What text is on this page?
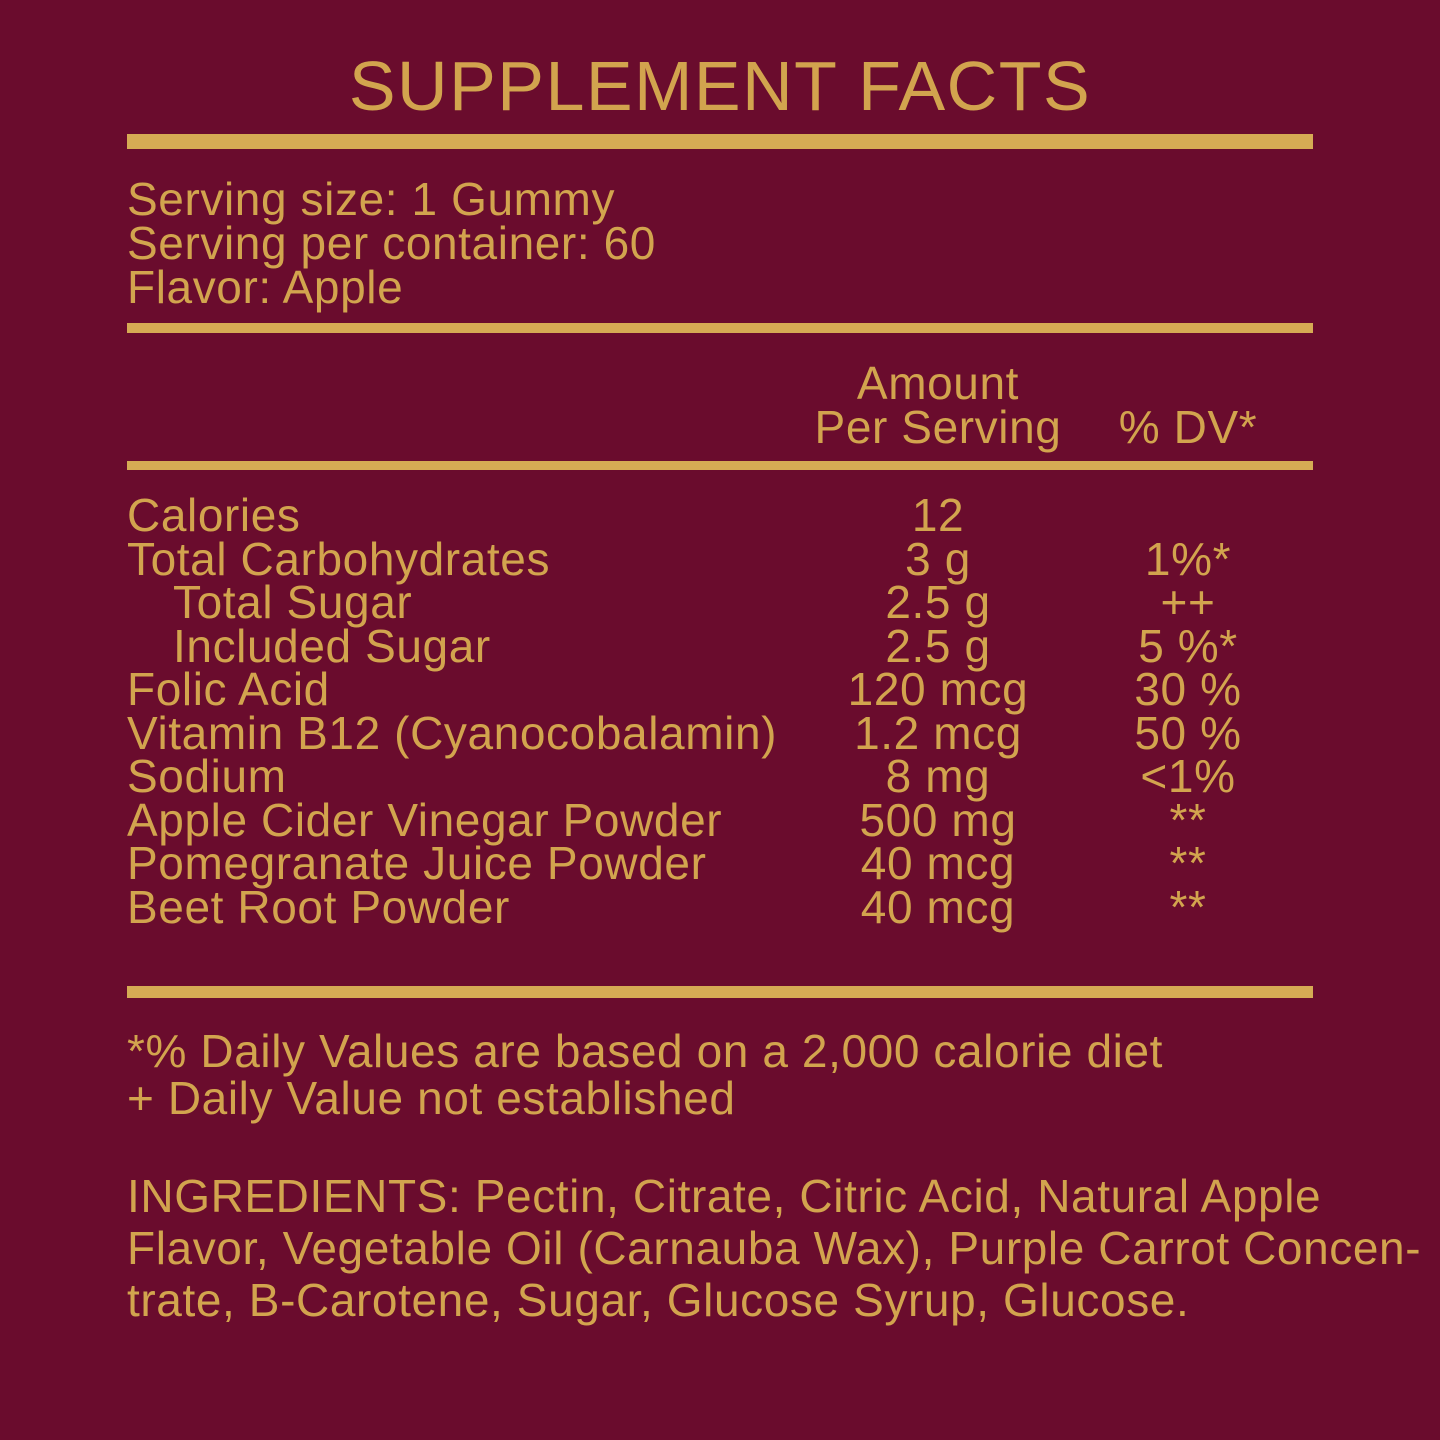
SUPPLEMENT FACTS
Serving size: 1 Gummy
Serving per container: 60
Flavor: Apple
Amount
Per Serving	% DV*
Calories	12
Total Carbohydrates	3 g	1%*
Total Sugar	2.5 g	++
Included Sugar	2.5 g	5 %*
Folic Acid	120 mcg	30 %
Vitamin B12 (Cyanocobalamin)	1.2 mcg	50 %
Sodium	8 mg	<1%
Apple Cider Vinegar Powder	500 mg	**
Pomegranate Juice Powder	40 mcg	**
Beet Root Powder	40 mcg	**
*% Daily Values are based on a 2,000 calorie diet
+ Daily Value not established
INGREDIENTS: Pectin, Citrate, Citric Acid, Natural Apple
Flavor, Vegetable Oil (Carnauba Wax), Purple Carrot Concen-
trate, B-Carotene, Sugar, Glucose Syrup, Glucose.
